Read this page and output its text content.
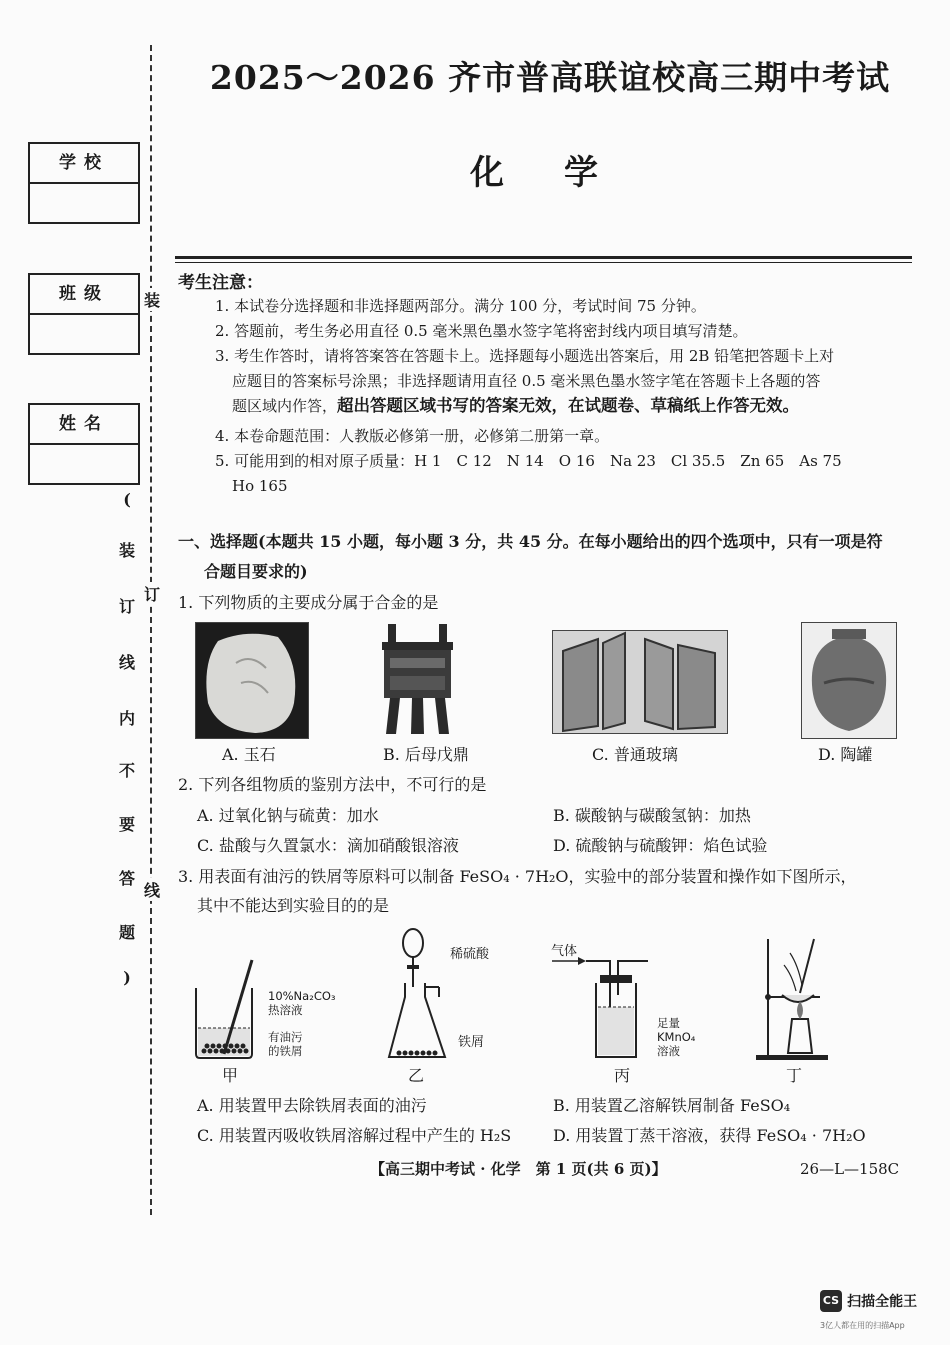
2025～2026 齐市普高联谊校高三期中考试
化学
学校
班级
姓名
装
订
线
(
装
订
线
内
不
要
答
题
)
考生注意：
1. 本试卷分选择题和非选择题两部分。满分 100 分，考试时间 75 分钟。
2. 答题前，考生务必用直径 0.5 毫米黑色墨水签字笔将密封线内项目填写清楚。
3. 考生作答时，请将答案答在答题卡上。选择题每小题选出答案后，用 2B 铅笔把答题卡上对
应题目的答案标号涂黑；非选择题请用直径 0.5 毫米黑色墨水签字笔在答题卡上各题的答
题区域内作答，超出答题区域书写的答案无效，在试题卷、草稿纸上作答无效。
4. 本卷命题范围：人教版必修第一册，必修第二册第一章。
5. 可能用到的相对原子质量：H 1　C 12　N 14　O 16　Na 23　Cl 35.5　Zn 65　As 75
Ho 165
一、选择题(本题共 15 小题，每小题 3 分，共 45 分。在每小题给出的四个选项中，只有一项是符
合题目要求的)
1. 下列物质的主要成分属于合金的是
A. 玉石	B. 后母戊鼎	C. 普通玻璃	D. 陶罐
2. 下列各组物质的鉴别方法中，不可行的是
A. 过氧化钠与硫黄：加水	B. 碳酸钠与碳酸氢钠：加热
C. 盐酸与久置氯水：滴加硝酸银溶液	D. 硫酸钠与硫酸钾：焰色试验
3. 用表面有油污的铁屑等原料可以制备 FeSO₄ · 7H₂O，实验中的部分装置和操作如下图所示，
其中不能达到实验目的的是
10%Na₂CO₃
热溶液
有油污
的铁屑
甲
稀硫酸
铁屑
乙
气体
足量
KMnO₄
溶液
丙	丁
A. 用装置甲去除铁屑表面的油污	B. 用装置乙溶解铁屑制备 FeSO₄
C. 用装置丙吸收铁屑溶解过程中产生的 H₂S	D. 用装置丁蒸干溶液，获得 FeSO₄ · 7H₂O
【高三期中考试 · 化学　第 1 页(共 6 页)】	26—L—158C
CS 扫描全能王
3亿人都在用的扫描App
